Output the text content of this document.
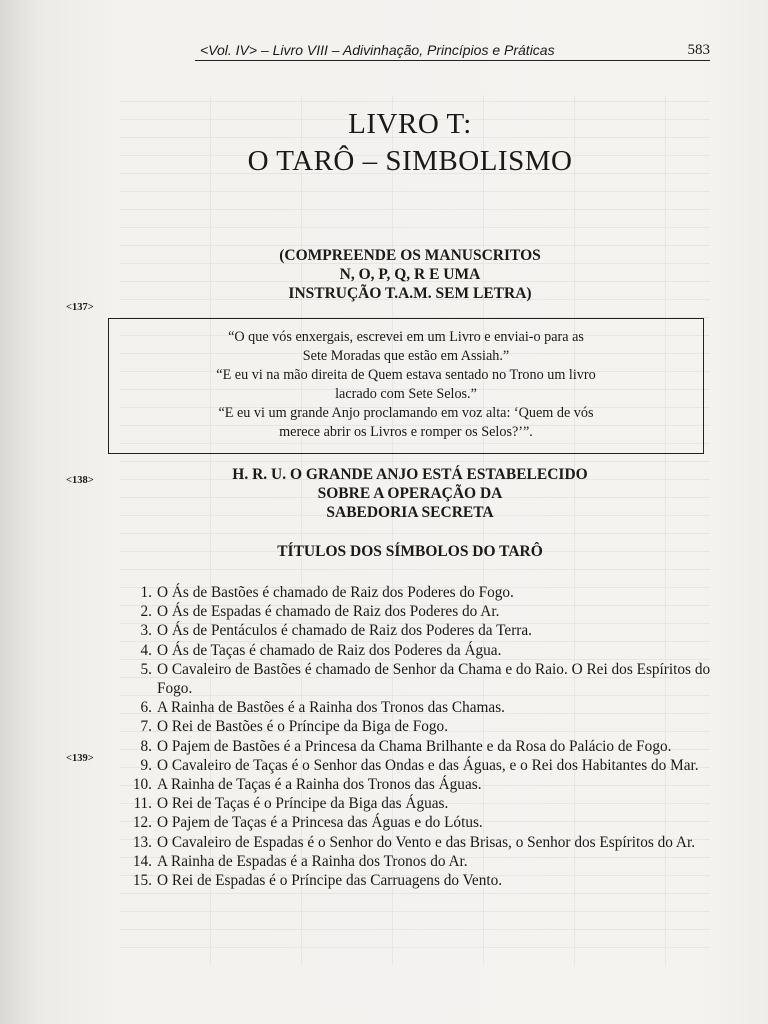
<Vol. IV> – Livro VIII – Adivinhação, Princípios e Práticas	583
LIVRO T:
O TARÔ – SIMBOLISMO
(COMPREENDE OS MANUSCRITOS
N, O, P, Q, R E UMA
INSTRUÇÃO T.A.M. SEM LETRA)
<137>

“O que vós enxergais, escrevei em um Livro e enviai-o para as

Sete Moradas que estão em Assiah.”

“E eu vi na mão direita de Quem estava sentado no Trono um livro

lacrado com Sete Selos.”

“E eu vi um grande Anjo proclamando em voz alta: ‘Quem de vós

merece abrir os Livros e romper os Selos?’”.

<138>	H. R. U. O GRANDE ANJO ESTÁ ESTABELECIDO
SOBRE A OPERAÇÃO DA
SABEDORIA SECRETA
TÍTULOS DOS SÍMBOLOS DO TARÔ
<139>
1. O Ás de Bastões é chamado de Raiz dos Poderes do Fogo.
2. O Ás de Espadas é chamado de Raiz dos Poderes do Ar.
3. O Ás de Pentáculos é chamado de Raiz dos Poderes da Terra.
4. O Ás de Taças é chamado de Raiz dos Poderes da Água.
5. O Cavaleiro de Bastões é chamado de Senhor da Chama e do Raio. O Rei dos Espíritos do Fogo.
6. A Rainha de Bastões é a Rainha dos Tronos das Chamas.
7. O Rei de Bastões é o Príncipe da Biga de Fogo.
8. O Pajem de Bastões é a Princesa da Chama Brilhante e da Rosa do Palácio de Fogo.
9. O Cavaleiro de Taças é o Senhor das Ondas e das Águas, e o Rei dos Habitantes do Mar.
10. A Rainha de Taças é a Rainha dos Tronos das Águas.
11. O Rei de Taças é o Príncipe da Biga das Águas.
12. O Pajem de Taças é a Princesa das Águas e do Lótus.
13. O Cavaleiro de Espadas é o Senhor do Vento e das Brisas, o Senhor dos Espíritos do Ar.
14. A Rainha de Espadas é a Rainha dos Tronos do Ar.
15. O Rei de Espadas é o Príncipe das Carruagens do Vento.
